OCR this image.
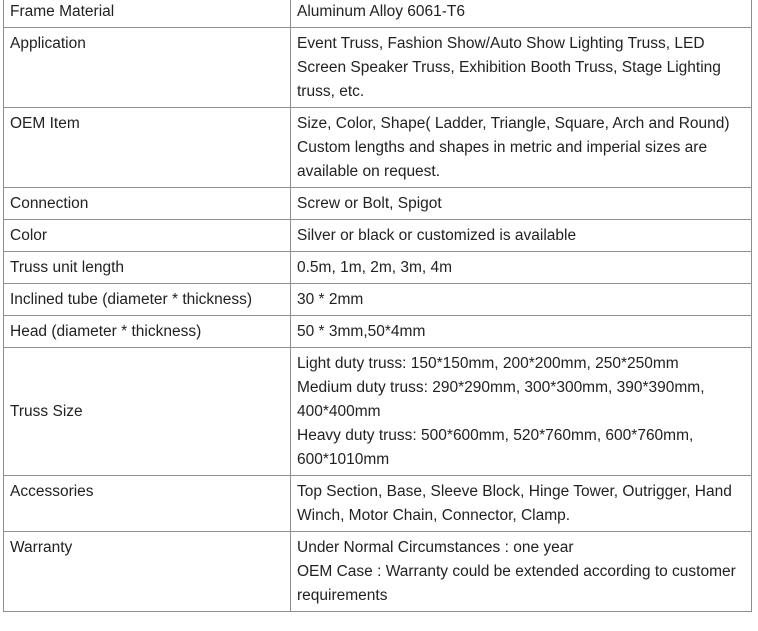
Frame Material	Aluminum Alloy 6061-T6

Application	Event Truss, Fashion Show/Auto Show Lighting Truss, LED Screen Speaker Truss, Exhibition Booth Truss, Stage Lighting truss, etc.

OEM Item	Size, Color, Shape( Ladder, Triangle, Square, Arch and Round)
Custom lengths and shapes in metric and imperial sizes are available on request.

Connection	Screw or Bolt, Spigot

Color	Silver or black or customized is available

Truss unit length	0.5m, 1m, 2m, 3m, 4m

Inclined tube (diameter * thickness)	30 * 2mm

Head (diameter * thickness)	50 * 3mm,50*4mm

Truss Size	Light duty truss: 150*150mm, 200*200mm, 250*250mm
Medium duty truss: 290*290mm, 300*300mm, 390*390mm, 400*400mm
Heavy duty truss: 500*600mm, 520*760mm, 600*760mm, 600*1010mm

Accessories	Top Section, Base, Sleeve Block, Hinge Tower, Outrigger, Hand Winch, Motor Chain, Connector, Clamp.

Warranty	Under Normal Circumstances : one year
OEM Case : Warranty could be extended according to customer requirements
